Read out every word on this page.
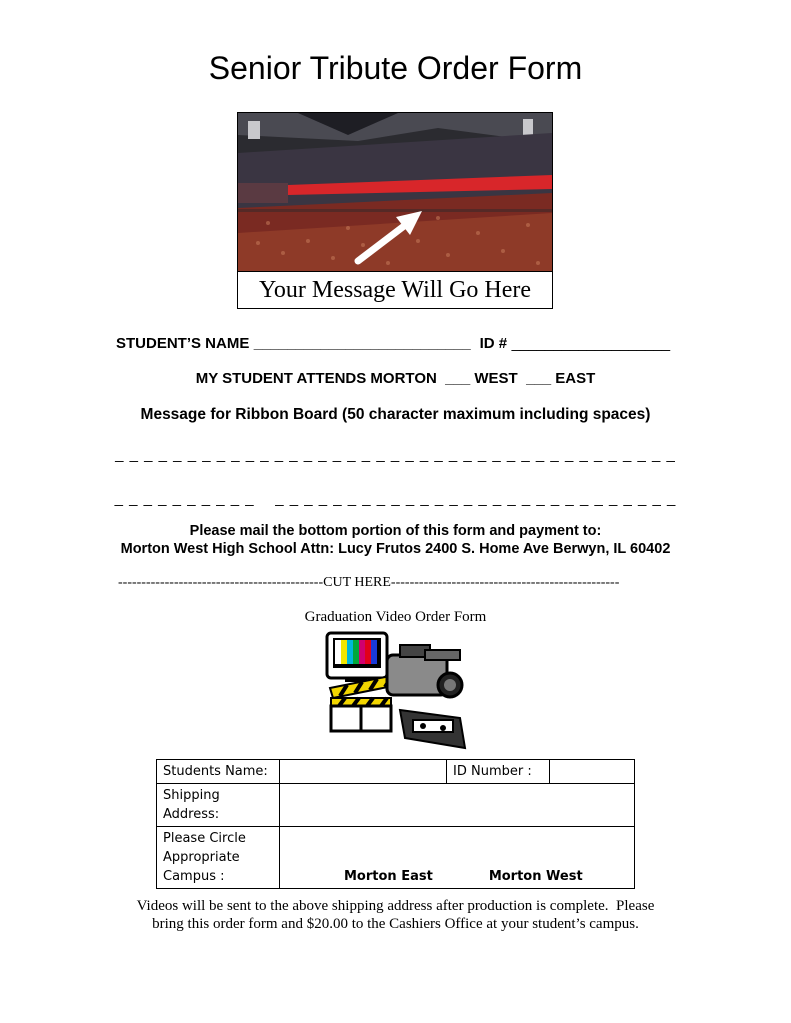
Senior Tribute Order Form
Your Message Will Go Here
STUDENT’S NAME __________________________ ID # ___________________
MY STUDENT ATTENDS MORTON ___ WEST ___ EAST
Message for Ribbon Board (50 character maximum including spaces)
_ _ _ _ _ _ _ _ _ _ _ _ _ _ _ _ _ _ _ _ _ _ _ _ _ _ _ _ _ _ _ _ _ _ _ _ _ _ _
_ _ _ _ _ _ _ _ _ _    _ _ _ _ _ _ _ _ _ _ _ _ _ _ _ _ _ _ _ _ _ _ _ _ _ _ _ _
Please mail the bottom portion of this form and payment to:
Morton West High School Attn: Lucy Frutos 2400 S. Home Ave Berwyn, IL 60402
--------------------------------------------CUT HERE-------------------------------------------------
Graduation Video Order Form
Students Name:		ID Number :	
Shipping
Address:			
Please Circle
Appropriate
Campus :	Morton East Morton West		
Videos will be sent to the above shipping address after production is complete.  Please
bring this order form and $20.00 to the Cashiers Office at your student’s campus.
